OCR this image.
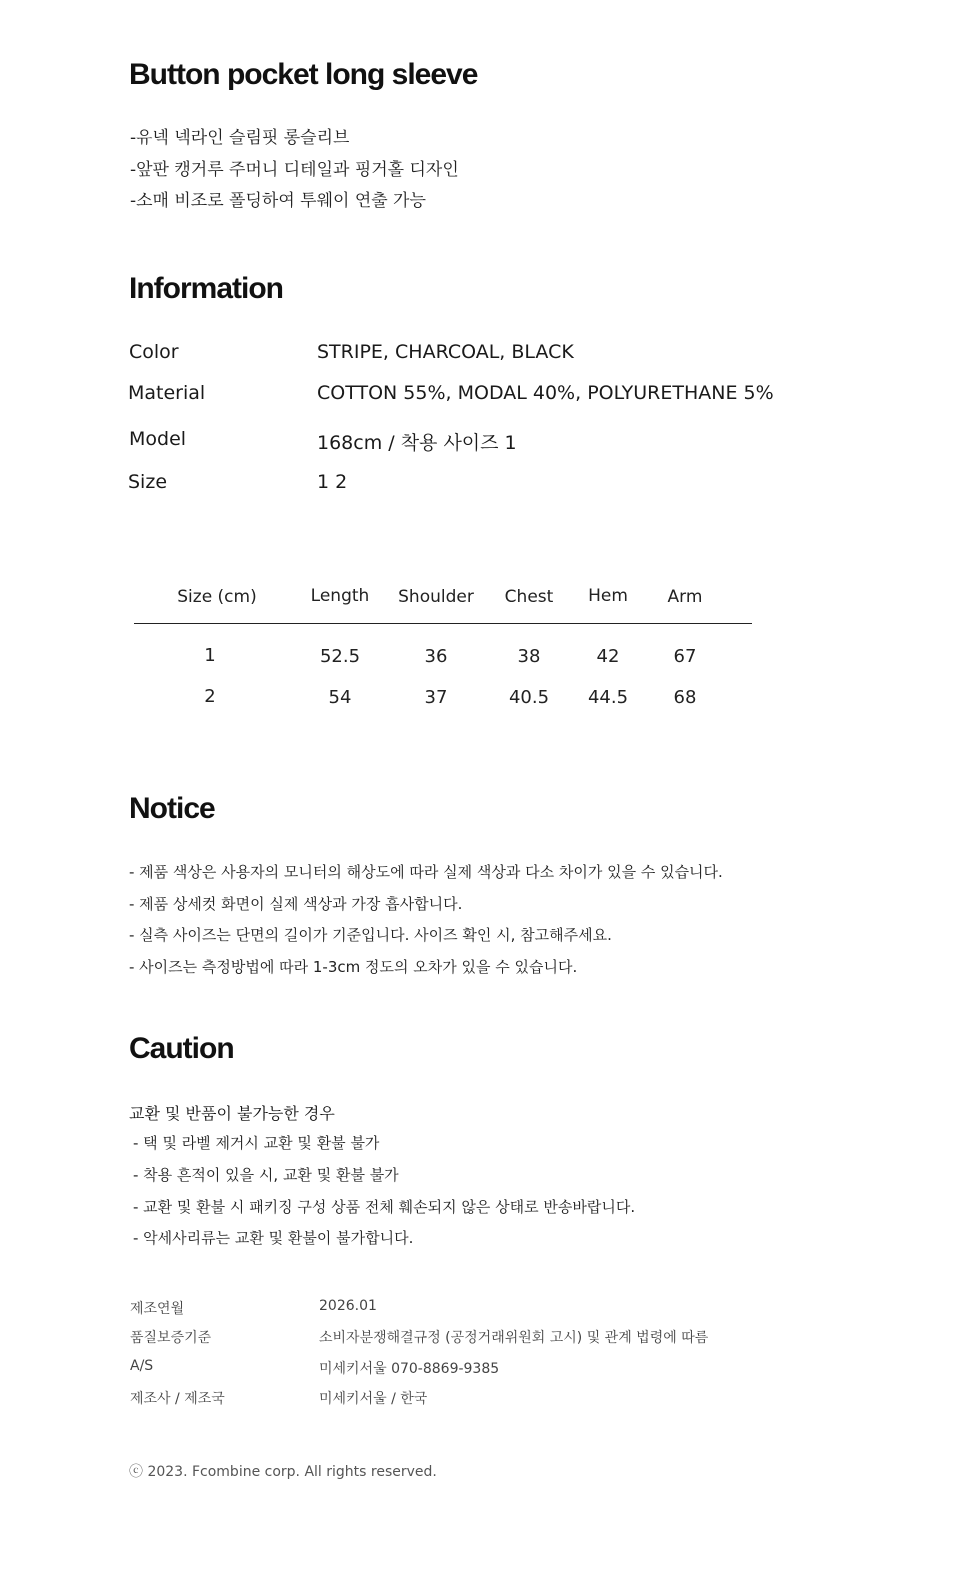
Button pocket long sleeve
-유넥 넥라인 슬림핏 롱슬리브
-앞판 캥거루 주머니 디테일과 핑거홀 디자인
-소매 비조로 폴딩하여 투웨이 연출 가능
Information
Color	STRIPE, CHARCOAL, BLACK
Material	COTTON 55%, MODAL 40%, POLYURETHANE 5%
Model	168cm / 착용 사이즈 1
Size	1 2
Size (cm)	Length	Shoulder	Chest	Hem	Arm
1	52.5	36	38	42	67
2	54	37	40.5	44.5	68
Notice
- 제품 색상은 사용자의 모니터의 해상도에 따라 실제 색상과 다소 차이가 있을 수 있습니다.
- 제품 상세컷 화면이 실제 색상과 가장 흡사합니다.
- 실측 사이즈는 단면의 길이가 기준입니다. 사이즈 확인 시, 참고해주세요.
- 사이즈는 측정방법에 따라 1-3cm 정도의 오차가 있을 수 있습니다.
Caution
교환 및 반품이 불가능한 경우
- 택 및 라벨 제거시 교환 및 환불 불가
- 착용 흔적이 있을 시, 교환 및 환불 불가
- 교환 및 환불 시 패키징 구성 상품 전체 훼손되지 않은 상태로 반송바랍니다.
- 악세사리류는 교환 및 환불이 불가합니다.
제조연월	2026.01
품질보증기준	소비자분쟁해결규정 (공정거래위원회 고시) 및 관계 법령에 따름
A/S	미세키서울 070-8869-9385
제조사 / 제조국	미세키서울 / 한국
ⓒ 2023. Fcombine corp. All rights reserved.
